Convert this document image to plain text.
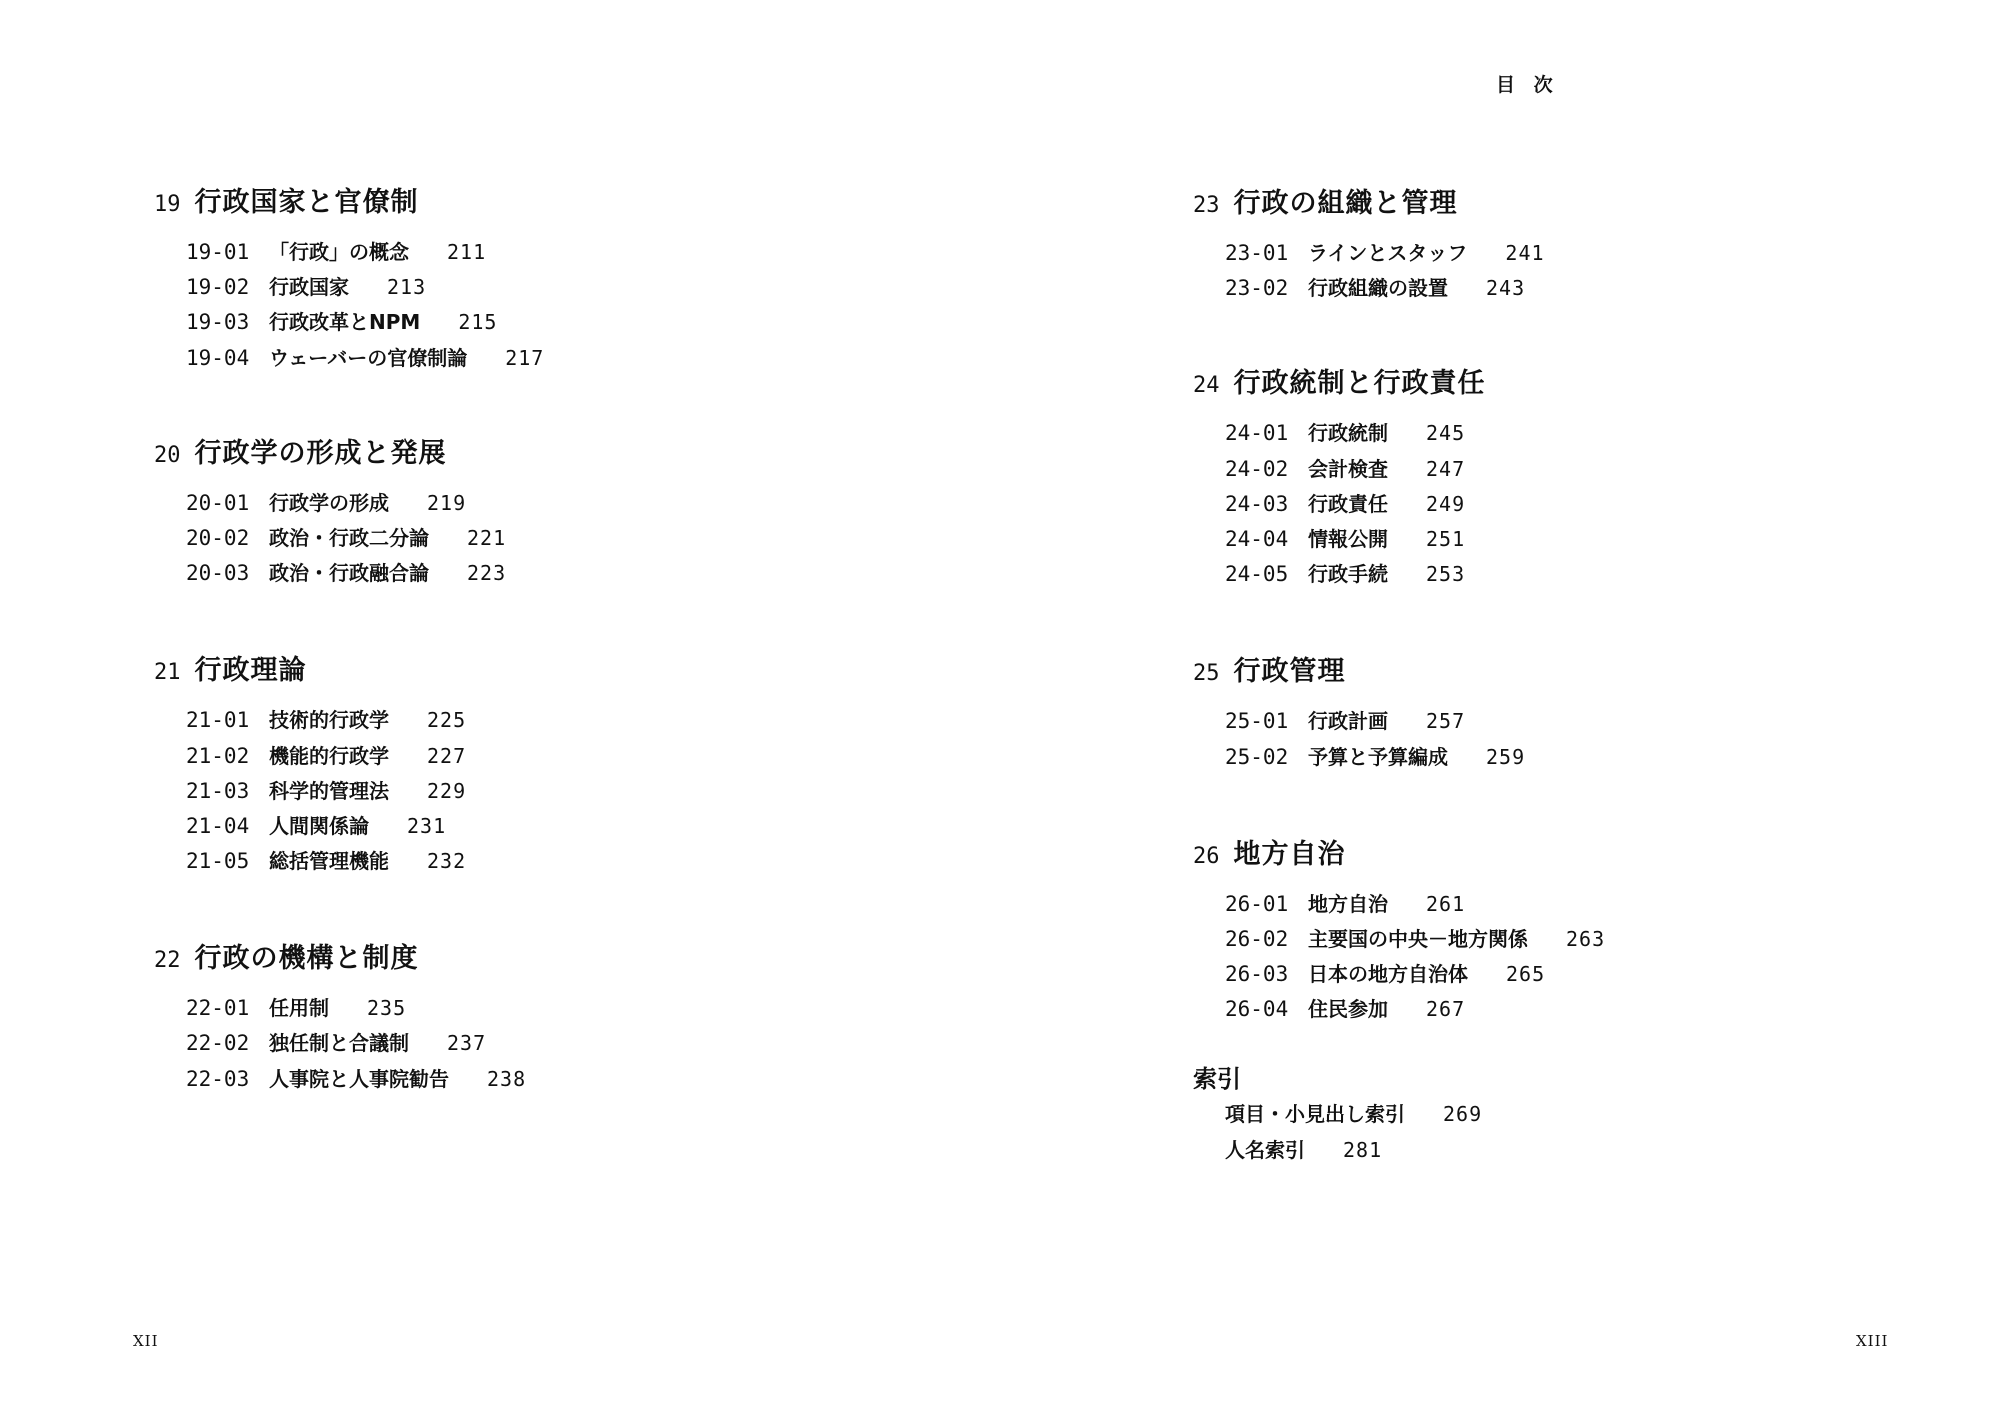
目 次
19 行政国家と官僚制
19-01 「行政」の概念 211
19-02 行政国家 213
19-03 行政改革とNPM 215
19-04 ウェーバーの官僚制論 217
20 行政学の形成と発展
20-01 行政学の形成 219
20-02 政治・行政二分論 221
20-03 政治・行政融合論 223
21 行政理論
21-01 技術的行政学 225
21-02 機能的行政学 227
21-03 科学的管理法 229
21-04 人間関係論 231
21-05 総括管理機能 232
22 行政の機構と制度
22-01 任用制 235
22-02 独任制と合議制 237
22-03 人事院と人事院勧告 238
23 行政の組織と管理
23-01 ラインとスタッフ 241
23-02 行政組織の設置 243
24 行政統制と行政責任
24-01 行政統制 245
24-02 会計検査 247
24-03 行政責任 249
24-04 情報公開 251
24-05 行政手続 253
25 行政管理
25-01 行政計画 257
25-02 予算と予算編成 259
26 地方自治
26-01 地方自治 261
26-02 主要国の中央－地方関係 263
26-03 日本の地方自治体 265
26-04 住民参加 267
索引
項目・小見出し索引 269
人名索引 281
XII	XIII
